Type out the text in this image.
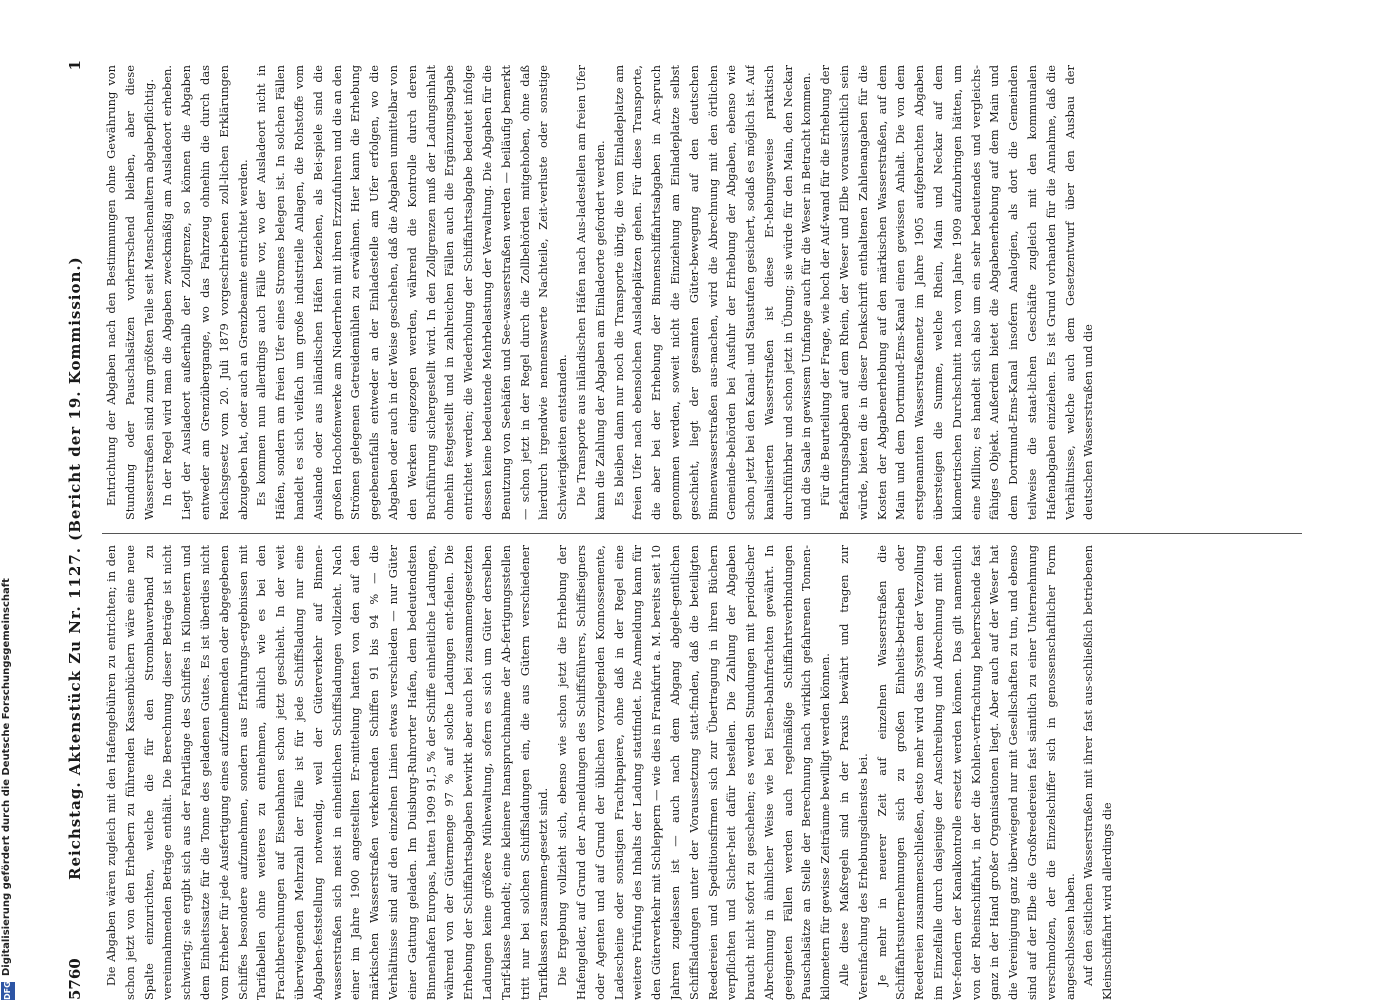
5760
Reichstag. Aktenstück Zu Nr. 1127. (Bericht der 19. Kommission.)
1

Die Abgaben wären zugleich mit den Hafengebühren zu entrichten; in den schon jetzt von den Erhebern zu führenden Kassenbüchern wäre eine neue Spalte einzurichten, welche die für den Strombauverband zu vereinnahmenden Beträge enthält. Die Berechnung dieser Beträge ist nicht schwierig; sie ergibt sich aus der Fahrtlänge des Schiffes in Kilometern und dem Einheitssatze für die Tonne des geladenen Gutes. Es ist überdies nicht vom Erheber für jede Ausfertigung eines aufzunehmenden oder abgegebenen Schiffes besondere aufzunehmen, sondern aus Erfahrungs-ergebnissen mit Tarifabellen ohne weiteres zu entnehmen, ähnlich wie es bei den Frachtberechnungen auf Eisenbahnen schon jetzt geschieht. In der weit überwiegenden Mehrzahl der Fälle ist für jede Schiffsladung nur eine Abgaben-feststellung notwendig, weil der Güterverkehr auf Binnen-wasserstraßen sich meist in einheitlichen Schiffsladungen vollzieht. Nach einer im Jahre 1900 angestellten Er-mittelung hatten von den auf den märkischen Wasserstraßen verkehrenden Schiffen 91 bis 94 % — die Verhältnisse sind auf den einzelnen Linien etwas verschieden — nur Güter einer Gattung geladen. Im Duisburg-Ruhrorter Hafen, dem bedeutendsten Binnenhafen Europas, hatten 1909 91,5 % der Schiffe einheitliche Ladungen, während von der Gütermenge 97 % auf solche Ladungen ent-fielen. Die Erhebung der Schiffahrtsabgaben bewirkt aber auch bei zusammengesetzten Ladungen keine größere Mühewaltung, sofern es sich um Güter derselben Tarif-klasse handelt; eine kleinere Inanspruchnahme der Ab-fertigungsstellen tritt nur bei solchen Schiffsladungen ein, die aus Gütern verschiedener Tarifklassen zusammen-gesetzt sind. Die Ergebung vollzieht sich, ebenso wie schon jetzt die Erhebung der Hafengelder, auf Grund der An-meldungen des Schiffsführers, Schiffseigners oder Agenten und auf Grund der üblichen vorzulegenden Konnossemente, Ladescheine oder sonstigen Frachtpapiere, ohne daß in der Regel eine weitere Prüfung des Inhalts der Ladung stattfindet. Die Anmeldung kann für den Güterverkehr mit Schleppern — wie dies in Frankfurt a. M. bereits seit 10 Jahren zugelassen ist — auch nach dem Abgang abgele-gentlichen Schiffsladungen unter der Voraussetzung statt-finden, daß die beteiligten Reedereien und Speditionsfirmen sich zur Übertragung in ihren Büchern verpflichten und Sicher-heit dafür bestellen. Die Zahlung der Abgaben braucht nicht sofort zu geschehen; es werden Stundungen mit periodischer Abrechnung in ähnlicher Weise wie bei Eisen-bahnfrachten gewährt. In geeigneten Fällen werden auch regelmäßige Schiffahrtsverbindungen Pauschalsätze an Stelle der Berechnung nach wirklich gefahrenen Tonnen-kilometern für gewisse Zeiträume bewilligt werden können. Alle diese Maßregeln sind in der Praxis bewährt und tragen zur Vereinfachung des Erhebungsdienstes bei. Je mehr in neuerer Zeit auf einzelnen Wasserstraßen die Schiffahrtsunternehmungen sich zu großen Einheits-betrieben oder Reedereien zusammenschließen, desto mehr wird das System der Verzollung im Einzelfalle durch dasjenige der Anschreibung und Abrechnung mit den Ver-fendern der Kanalkontrolle ersetzt werden können. Das gilt namentlich von der Rheinschiffahrt, in der die Kohlen-verfrachtung beherrschende fast ganz in der Hand großer Organisationen liegt. Aber auch auf der Weser hat die Vereinigung ganz überwiegend nur mit Gesellschaften zu tun, und ebenso sind auf der Elbe die Großreedereien fast sämtlich zu einer Unternehmung verschmolzen, der die Einzelschiffer sich in genossenschaftlicher Form angeschlossen haben. Auf den östlichen Wasserstraßen mit ihrer fast aus-schließlich betriebenen Kleinschiffahrt wird allerdings die

Entrichtung der Abgaben nach den Bestimmungen ohne Gewährung von Stundung oder Pauschalsätzen vorherrschend bleiben, aber diese Wasserstraßen sind zum größten Teile seit Menschenaltern abgabepflichtig. In der Regel wird man die Abgaben zweckmäßig am Ausladeort erheben. Liegt der Ausladeort außerhalb der Zollgrenze, so können die Abgaben entweder am Grenzübergange, wo das Fahrzeug ohnehin die durch das Reichsgesetz vom 20. Juli 1879 vorgeschriebenen zoll-lichen Erklärungen abzugeben hat, oder auch an Grenzbeamte entrichtet werden. Es kommen nun allerdings auch Fälle vor, wo der Ausladeort nicht in Häfen, sondern am freien Ufer eines Stromes belegen ist. In solchen Fällen handelt es sich vielfach um große industrielle Anlagen, die Rohstoffe vom Auslande oder aus inländischen Häfen beziehen, als Bei-spiele sind die großen Hochofenwerke am Niederrhein mit ihren Erzzufuhren und die an den Strömen gelegenen Getreidemühlen zu erwähnen. Hier kann die Erhebung gegebenenfalls entweder an der Einladestelle am Ufer erfolgen, wo die Abgaben oder auch in der Weise geschehen, daß die Abgaben unmittelbar von den Werken eingezogen werden, während die Kontrolle durch deren Buchführung sichergestellt wird. In den Zollgrenzen muß der Ladungsinhalt ohnehin festgestellt und in zahlreichen Fällen auch die Ergänzungsabgabe entrichtet werden; die Wiederholung der Schiffahrtsabgabe bedeutet infolge dessen keine bedeutende Mehrbelastung der Verwaltung. Die Abgaben für die Benutzung von Seehäfen und See-wasserstraßen werden — beiläufig bemerkt — schon jetzt in der Regel durch die Zollbehörden mitgehoben, ohne daß hierdurch irgendwie nennenswerte Nachteile, Zeit-verluste oder sonstige Schwierigkeiten entstanden. Die Transporte aus inländischen Häfen nach Aus-ladestellen am freien Ufer kann die Zahlung der Abgaben am Einladeorte gefordert werden. Es bleiben dann nur noch die Transporte übrig, die vom Einladeplatze am freien Ufer nach ebensolchen Ausladeplätzen gehen. Für diese Transporte, die aber bei der Erhebung der Binnenschiffahrtsabgaben in An-spruch genommen werden, soweit nicht die Einziehung am Einladeplatze selbst geschieht, liegt der gesamten Güter-bewegung auf den deutschen Binnenwasserstraßen aus-machen, wird die Abrechnung mit den örtlichen Gemeinde-behörden bei Ausfuhr der Erhebung der Abgaben, ebenso wie schon jetzt bei den Kanal- und Staustufen gesichert, sodaß es möglich ist. Auf kanalisierten Wasserstraßen ist diese Er-hebungsweise praktisch durchführbar und schon jetzt in Übung; sie würde für den Main, den Neckar und die Saale in gewissem Umfange auch für die Weser in Betracht kommen. Für die Beurteilung der Frage, wie hoch der Auf-wand für die Erhebung der Befahrungsabgaben auf dem Rhein, der Weser und Elbe voraussichtlich sein würde, bieten die in dieser Denkschrift enthaltenen Zahlenangaben für die Kosten der Abgabenerhebung auf den märkischen Wasserstraßen, auf dem Main und dem Dortmund-Ems-Kanal einen gewissen Anhalt. Die von dem erstgenannten Wasserstraßennetz im Jahre 1905 aufgebrachten Abgaben übersteigen die Summe, welche Rhein, Main und Neckar auf dem kilometrischen Durchschnitt nach vom Jahre 1909 aufzubringen hätten, um eine Million; es handelt sich also um ein sehr bedeutendes und vergleichs-fähiges Objekt. Außerdem bietet die Abgabenerhebung auf dem Main und dem Dortmund-Ems-Kanal insofern Analogien, als dort die Gemeinden teilweise die staat-lichen Geschäfte zugleich mit den kommunalen Hafenabgaben einziehen. Es ist Grund vorhanden für die Annahme, daß die Verhältnisse, welche auch dem Gesetzentwurf über den Ausbau der deutschen Wasserstraßen und die

DFG
Digitalisierung gefördert durch die Deutsche Forschungsgemeinschaft
